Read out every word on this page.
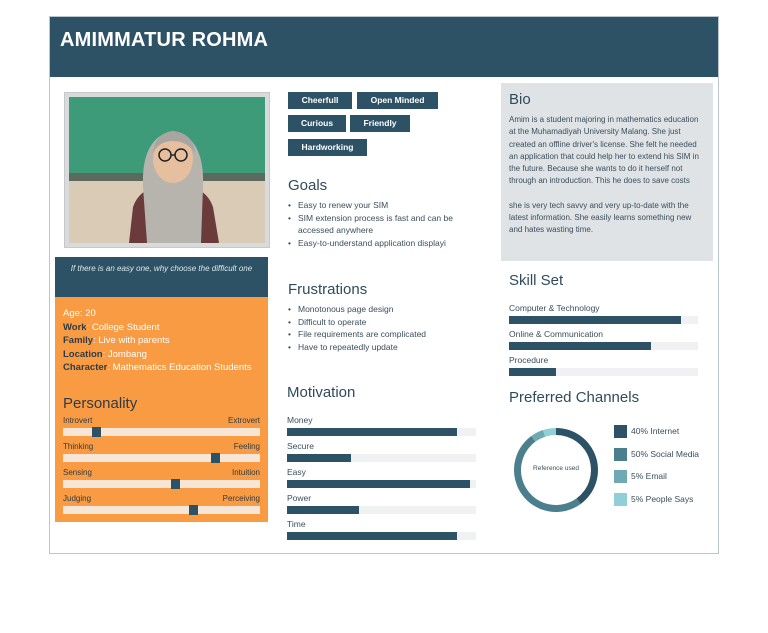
AMIMMATUR ROHMA
If there is an easy one, why choose the difficult one
Age: 20
Work: College Student
Family: Live with parents
Location: Jombang
Character: Mathematics Education Students
Personality
Introvert	Extrovert
Thinking	Feeling
Sensing	Intuition
Judging	Perceiving
Cheerfull	Open Minded
Curious	Friendly
Hardworking
Goals
• Easy to renew your SIM
• SIM extension process is fast and can be accessed anywhere
• Easy-to-understand application displayi
Frustrations
• Monotonous page design
• Difficult to operate
• File requirements are complicated
• Have to repeatedly update
Motivation
Money
Secure
Easy
Power
Time
Bio

Amim is a student majoring in mathematics education at the Muhamadiyah University Malang. She just created an offline driver's license. She felt he needed an application that could help her to extend his SIM in the future. Because she wants to do it herself not through an introduction. This he does to save costs

she is very tech savvy and very up-to-date with the latest information. She easily learns something new and hates wasting time.

Skill Set
Computer & Technology
Online & Communication
Procedure
Preferred Channels
Reference used
40% Internet
50% Social Media
5% Email
5% People Says
